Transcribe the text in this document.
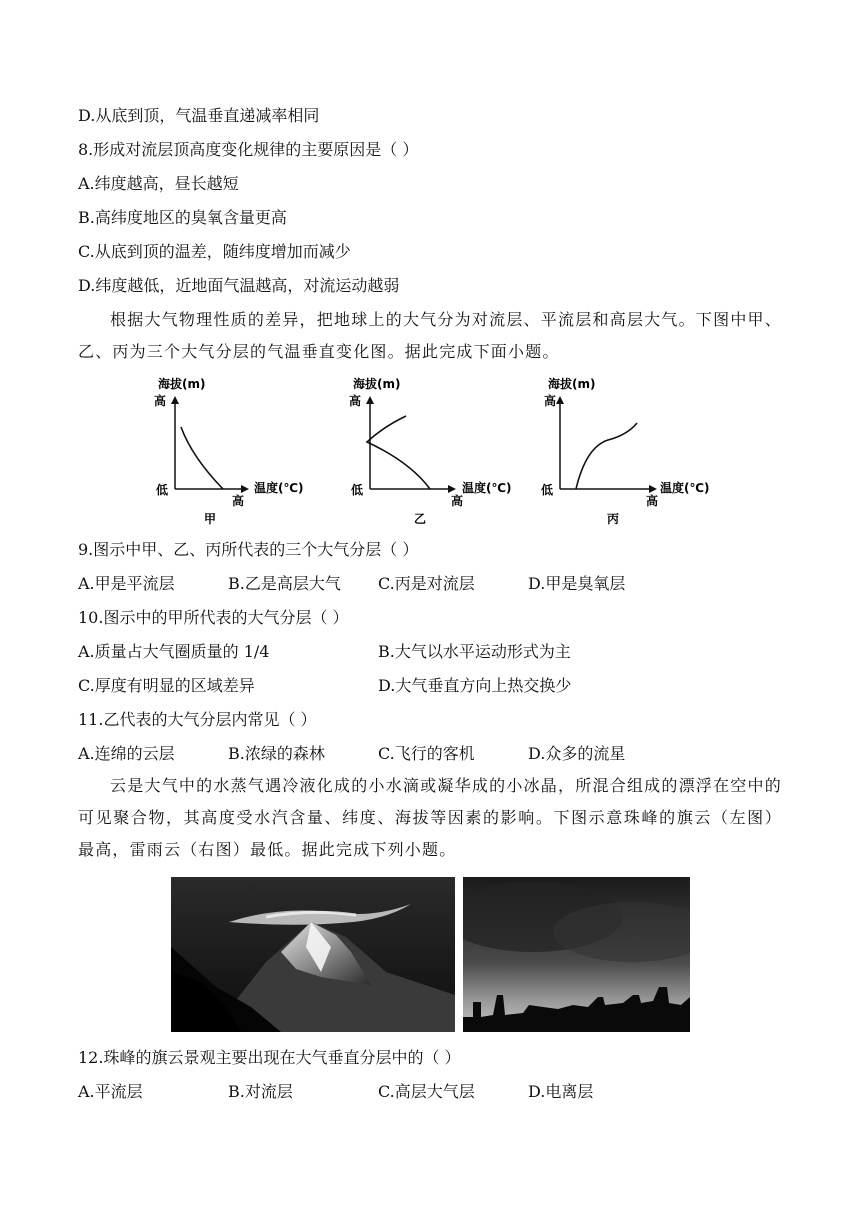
D.从底到顶，气温垂直递减率相同
8.形成对流层顶高度变化规律的主要原因是（ ）
A.纬度越高，昼长越短
B.高纬度地区的臭氧含量更高
C.从底到顶的温差，随纬度增加而减少
D.纬度越低，近地面气温越高，对流运动越弱
根据大气物理性质的差异，把地球上的大气分为对流层、平流层和高层大气。下图中甲、乙、丙为三个大气分层的气温垂直变化图。据此完成下面小题。
海拔(m)
高
低
高
温度(℃)
甲
海拔(m)
高
低
高
温度(℃)
乙
海拔(m)
高
低
高
温度(℃)
丙
9.图示中甲、乙、丙所代表的三个大气分层（ ）
A.甲是平流层	B.乙是高层大气 C.丙是对流层	D.甲是臭氧层
10.图示中的甲所代表的大气分层（ ）
A.质量占大气圈质量的 1/4	B.大气以水平运动形式为主
C.厚度有明显的区域差异	D.大气垂直方向上热交换少
11.乙代表的大气分层内常见（ ）
A.连绵的云层	B.浓绿的森林	C.飞行的客机	D.众多的流星
云是大气中的水蒸气遇冷液化成的小水滴或凝华成的小冰晶，所混合组成的漂浮在空中的可见聚合物，其高度受水汽含量、纬度、海拔等因素的影响。下图示意珠峰的旗云（左图）最高，雷雨云（右图）最低。据此完成下列小题。
12.珠峰的旗云景观主要出现在大气垂直分层中的（ ）
A.平流层	B.对流层	C.高层大气层	D.电离层
